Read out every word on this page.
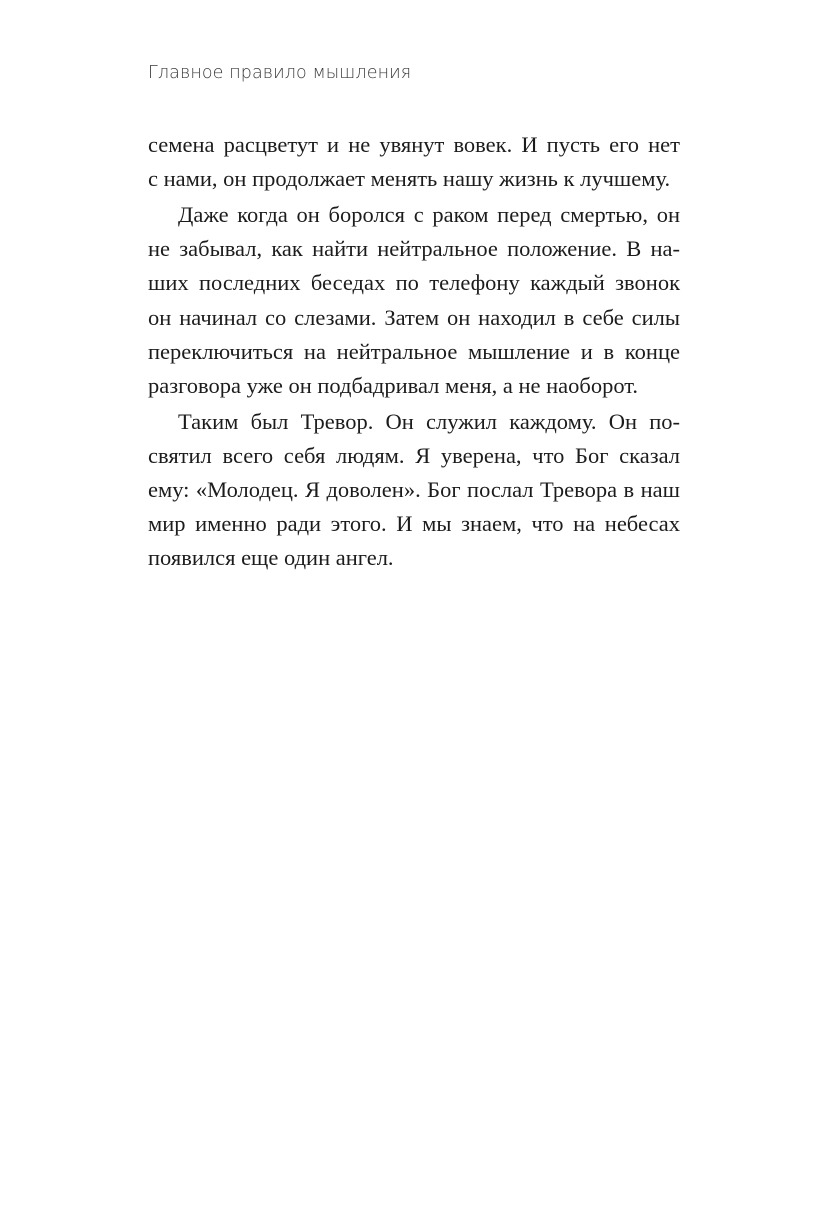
Главное правило мышления
семена расцветут и не увянут вовек. И пусть его нет
с нами, он продолжает менять нашу жизнь к лучшему.
Даже когда он боролся с раком перед смертью, он
не забывал, как найти нейтральное положение. В на-
ших последних беседах по телефону каждый звонок
он начинал со слезами. Затем он находил в себе силы
переключиться на нейтральное мышление и в конце
разговора уже он подбадривал меня, а не наоборот.
Таким был Тревор. Он служил каждому. Он по-
святил всего себя людям. Я уверена, что Бог сказал
ему: «Молодец. Я доволен». Бог послал Тревора в наш
мир именно ради этого. И мы знаем, что на небесах
появился еще один ангел.
